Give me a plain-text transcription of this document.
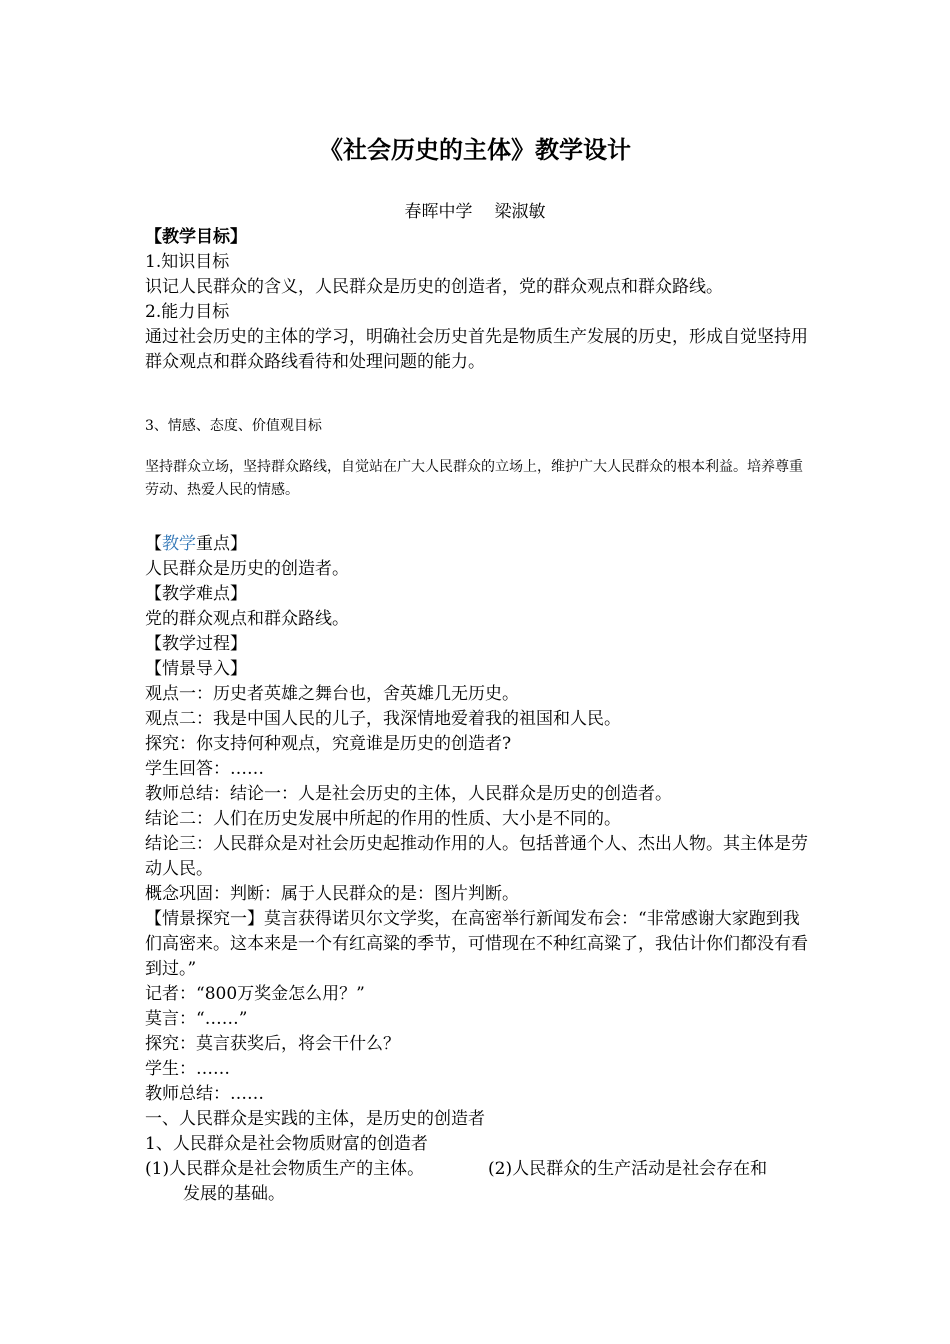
《社会历史的主体》教学设计

春晖中学 梁淑敏

【教学目标】

1.知识目标

识记人民群众的含义，人民群众是历史的创造者，党的群众观点和群众路线。

2.能力目标

通过社会历史的主体的学习，明确社会历史首先是物质生产发展的历史，形成自觉坚持用群众观点和群众路线看待和处理问题的能力。

3、情感、态度、价值观目标

坚持群众立场，坚持群众路线，自觉站在广大人民群众的立场上，维护广大人民群众的根本利益。培养尊重劳动、热爱人民的情感。

【教学重点】

人民群众是历史的创造者。

【教学难点】

党的群众观点和群众路线。

【教学过程】

【情景导入】

观点一：历史者英雄之舞台也，舍英雄几无历史。

观点二：我是中国人民的儿子，我深情地爱着我的祖国和人民。

探究：你支持何种观点，究竟谁是历史的创造者?

学生回答：……

教师总结：结论一：人是社会历史的主体，人民群众是历史的创造者。

结论二：人们在历史发展中所起的作用的性质、大小是不同的。

结论三：人民群众是对社会历史起推动作用的人。包括普通个人、杰出人物。其主体是劳动人民。

概念巩固：判断：属于人民群众的是：图片判断。

【情景探究一】莫言获得诺贝尔文学奖，在高密举行新闻发布会：“非常感谢大家跑到我们高密来。这本来是一个有红高粱的季节，可惜现在不种红高粱了，我估计你们都没有看到过。”

记者：“800万奖金怎么用？”

莫言：“……”

探究：莫言获奖后，将会干什么？

学生：……

教师总结：……

一、人民群众是实践的主体，是历史的创造者

1、人民群众是社会物质财富的创造者

(1)人民群众是社会物质生产的主体。	(2)人民群众的生产活动是社会存在和

发展的基础。
